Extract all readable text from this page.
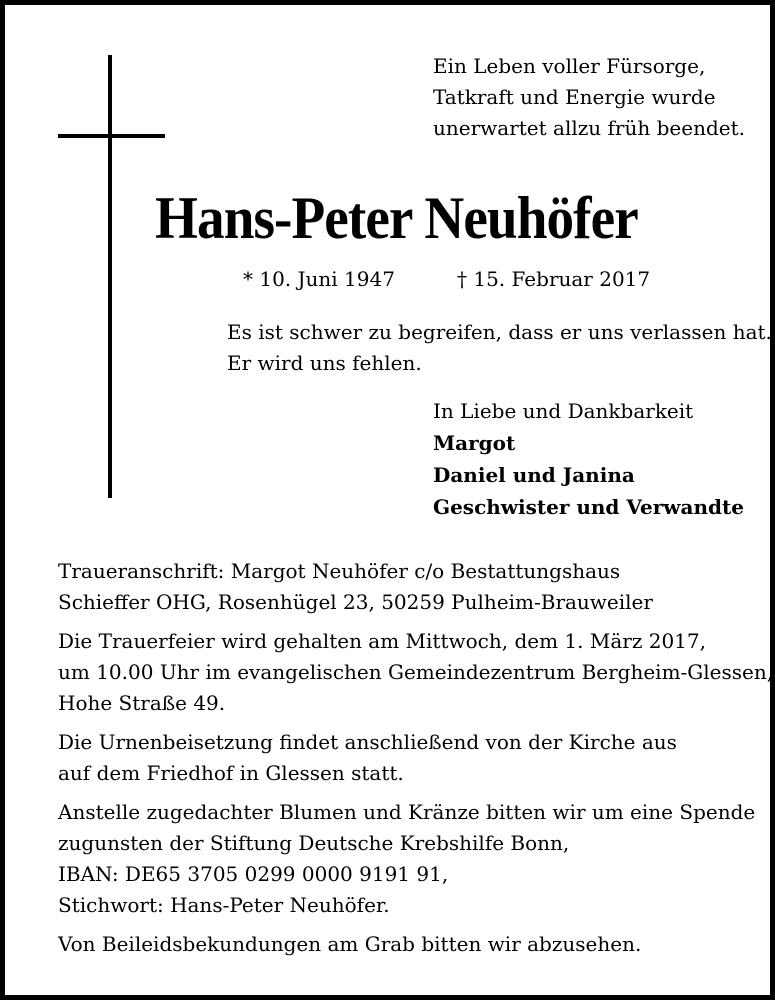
Ein Leben voller Fürsorge,
Tatkraft und Energie wurde
unerwartet allzu früh beendet.
Hans-Peter Neuhöfer
* 10. Juni 1947	† 15. Februar 2017
Es ist schwer zu begreifen, dass er uns verlassen hat.
Er wird uns fehlen.
In Liebe und Dankbarkeit
Margot
Daniel und Janina
Geschwister und Verwandte
Traueranschrift: Margot Neuhöfer c/o Bestattungshaus
Schieffer OHG, Rosenhügel 23, 50259 Pulheim-Brauweiler
Die Trauerfeier wird gehalten am Mittwoch, dem 1. März 2017,
um 10.00 Uhr im evangelischen Gemeindezentrum Bergheim-Glessen,
Hohe Straße 49.
Die Urnenbeisetzung findet anschließend von der Kirche aus
auf dem Friedhof in Glessen statt.
Anstelle zugedachter Blumen und Kränze bitten wir um eine Spende
zugunsten der Stiftung Deutsche Krebshilfe Bonn,
IBAN: DE65 3705 0299 0000 9191 91,
Stichwort: Hans-Peter Neuhöfer.
Von Beileidsbekundungen am Grab bitten wir abzusehen.
